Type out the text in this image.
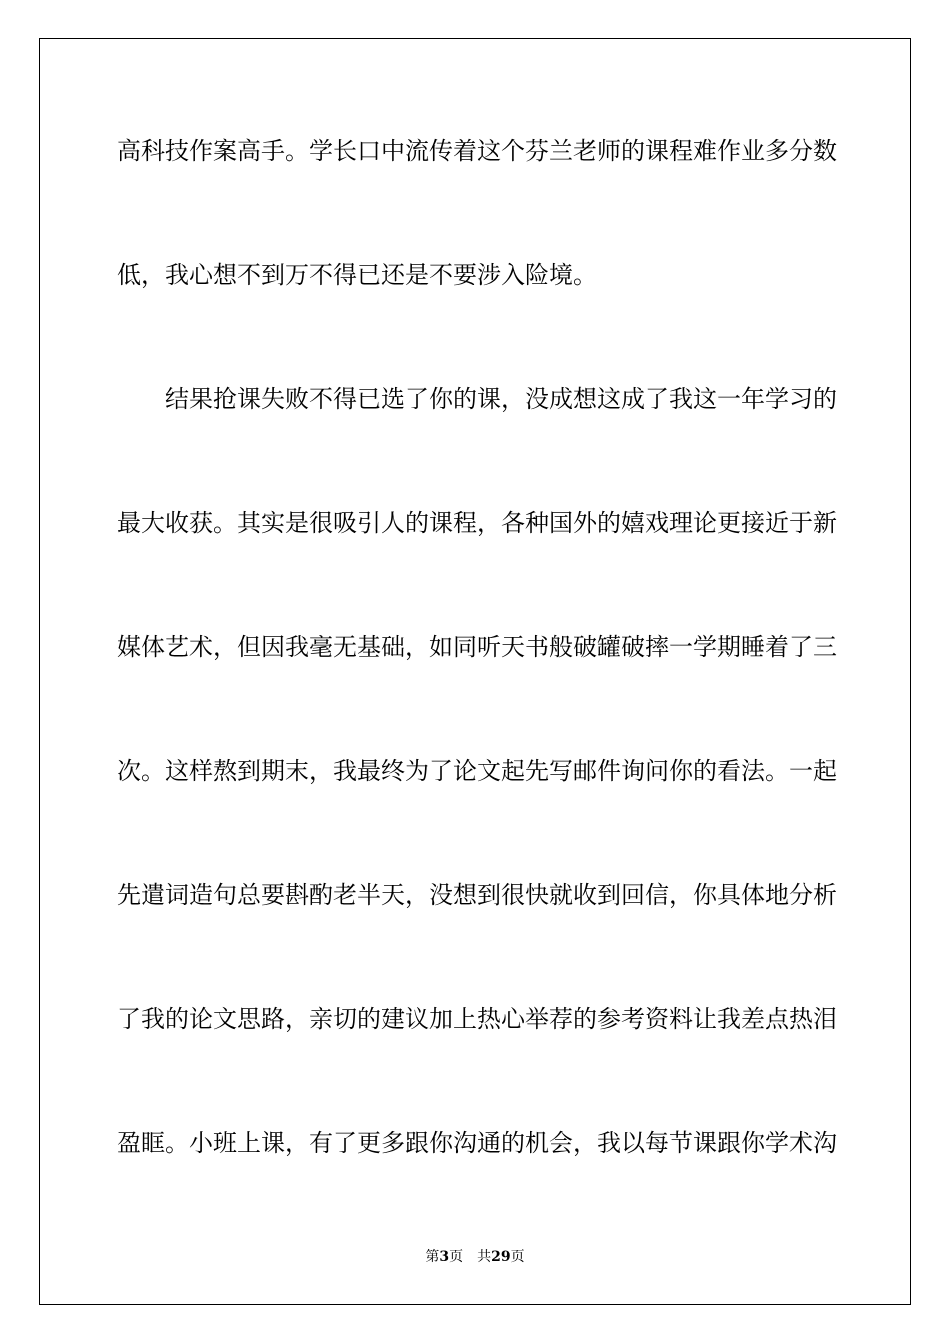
高科技作案高手。学长口中流传着这个芬兰老师的课程难作业多分数
低，我心想不到万不得已还是不要涉入险境。
结果抢课失败不得已选了你的课，没成想这成了我这一年学习的
最大收获。其实是很吸引人的课程，各种国外的嬉戏理论更接近于新
媒体艺术，但因我毫无基础，如同听天书般破罐破摔一学期睡着了三
次。这样熬到期末，我最终为了论文起先写邮件询问你的看法。一起
先遣词造句总要斟酌老半天，没想到很快就收到回信，你具体地分析
了我的论文思路，亲切的建议加上热心举荐的参考资料让我差点热泪
盈眶。小班上课，有了更多跟你沟通的机会，我以每节课跟你学术沟
第3页 共29页
